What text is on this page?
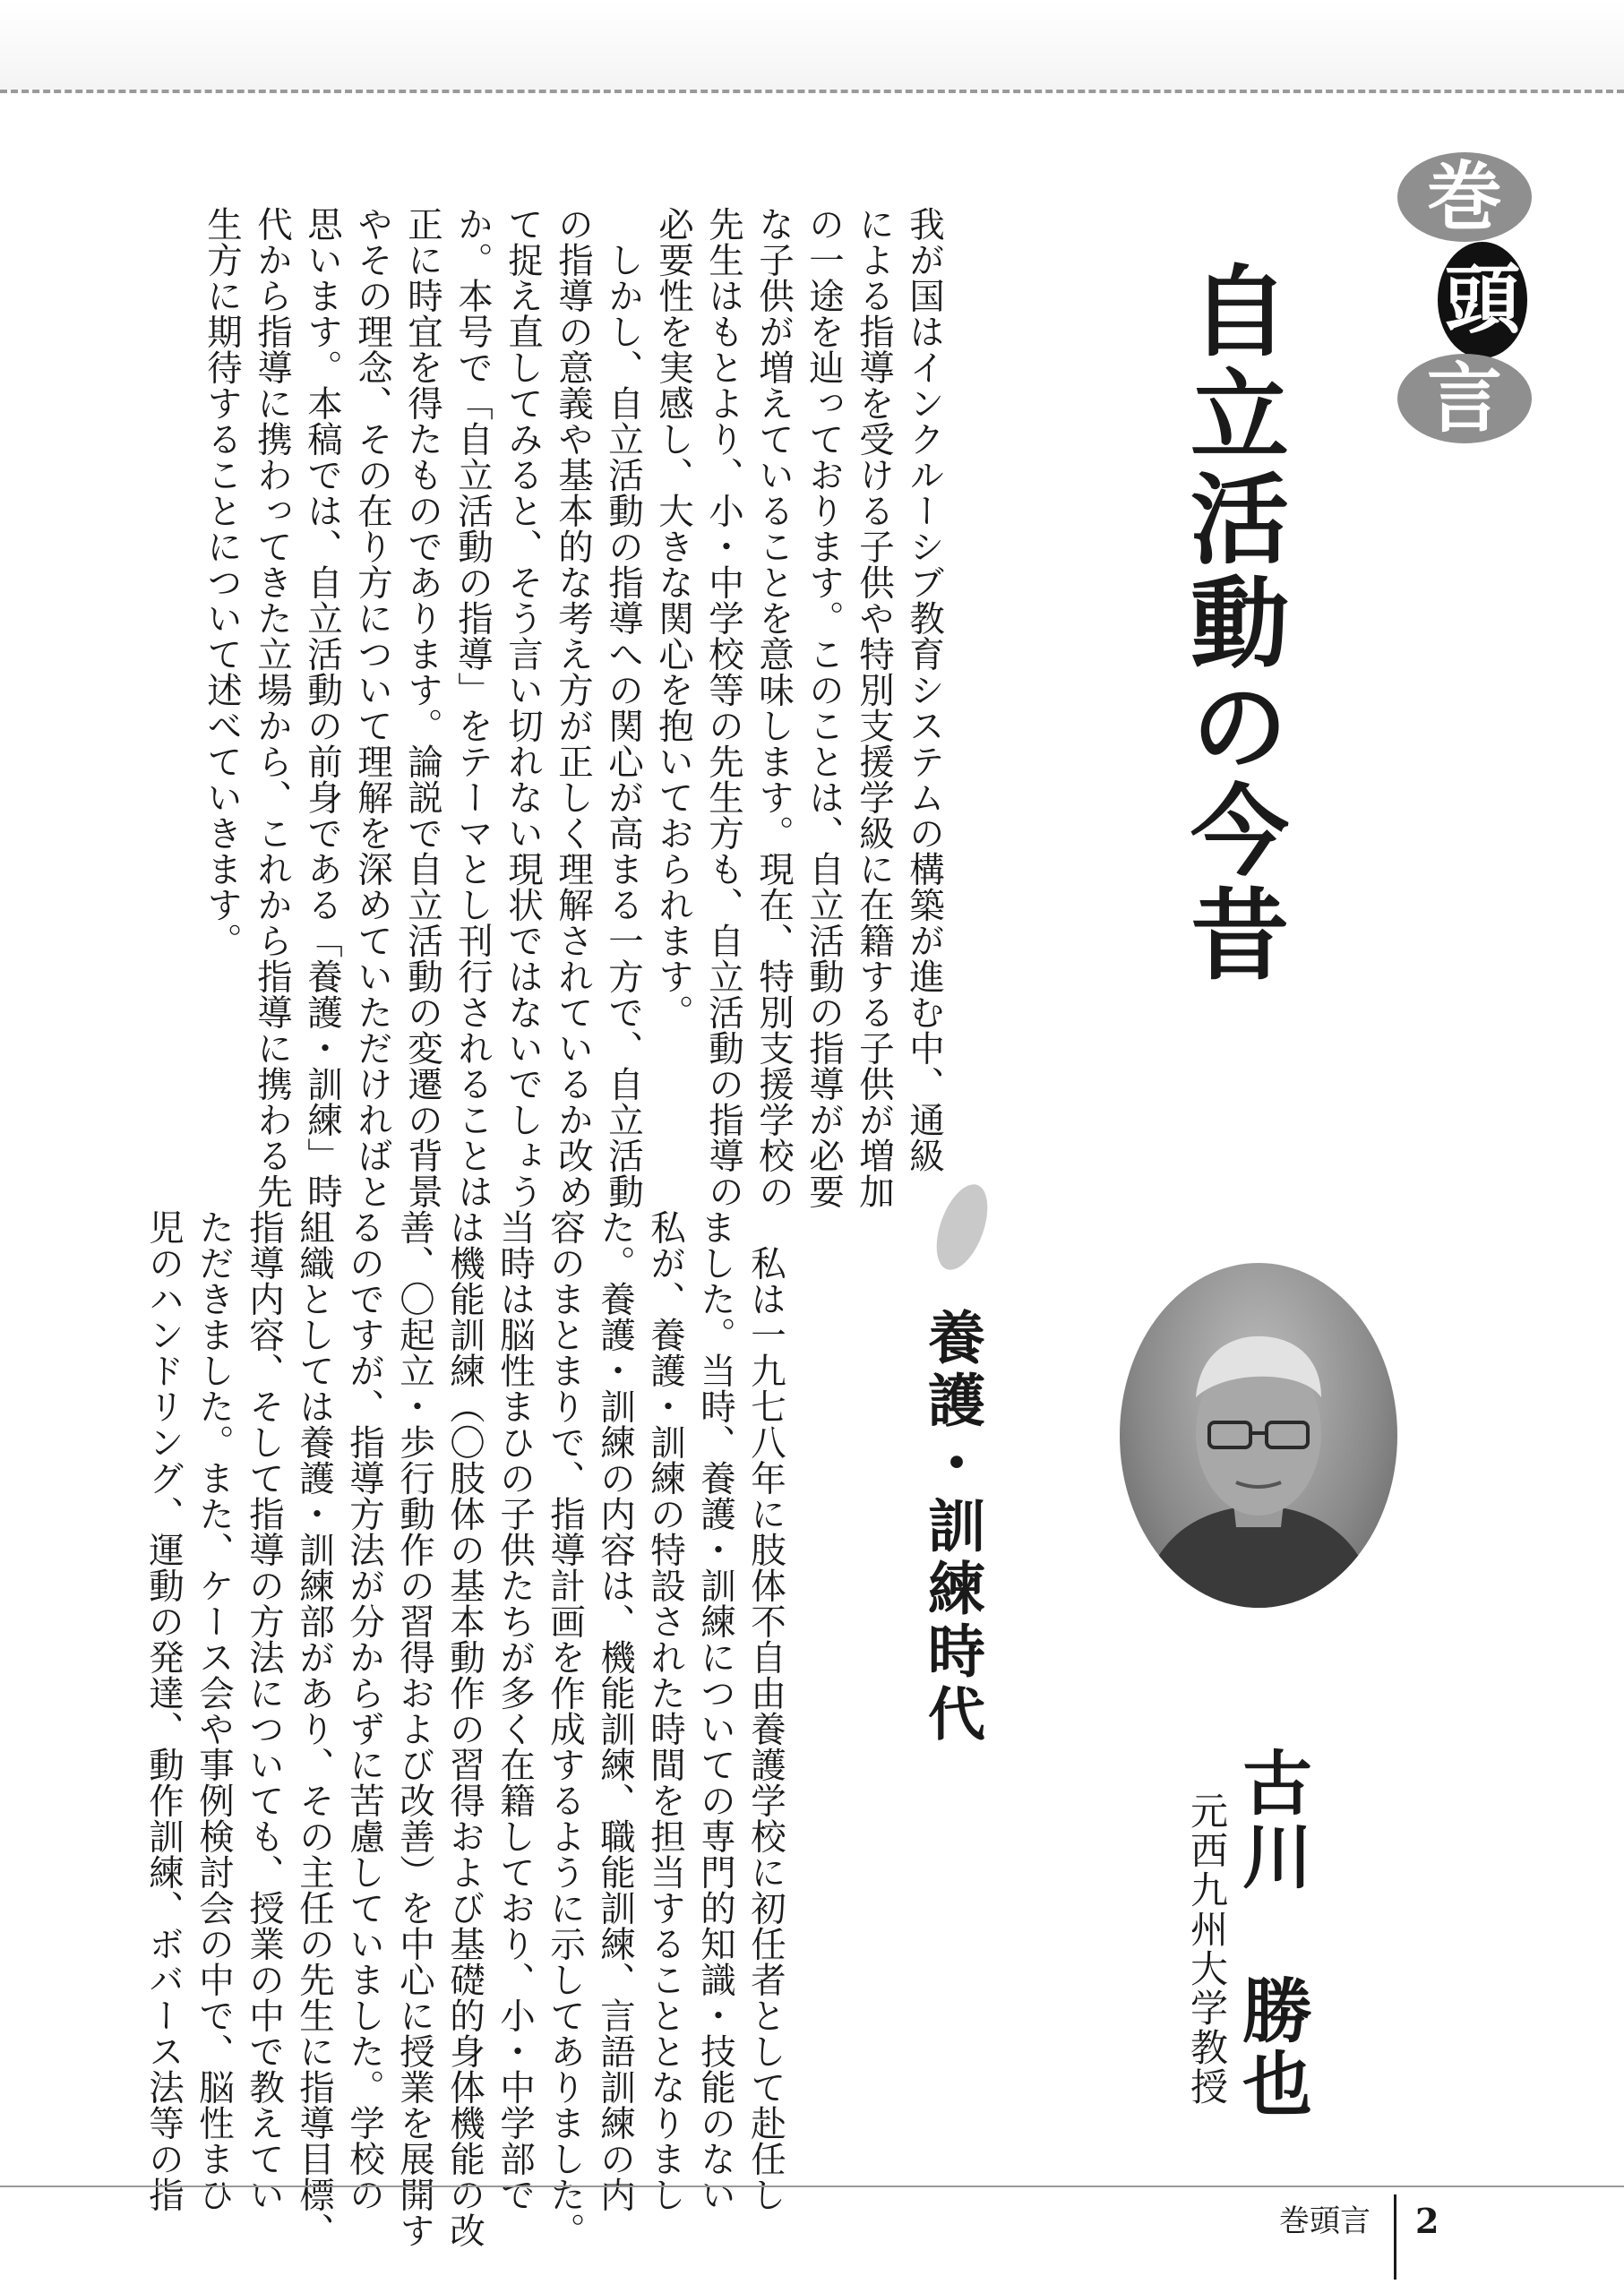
巻
頭
言
自立活動の今昔
我が国はインクルーシブ教育システムの構築が進む中、通級
による指導を受ける子供や特別支援学級に在籍する子供が増加
の一途を辿っております。このことは、自立活動の指導が必要
な子供が増えていることを意味します。現在、特別支援学校の
先生はもとより、小・中学校等の先生方も、自立活動の指導の
必要性を実感し、大きな関心を抱いておられます。
　しかし、自立活動の指導への関心が高まる一方で、自立活動
の指導の意義や基本的な考え方が正しく理解されているか改め
て捉え直してみると、そう言い切れない現状ではないでしょう
か。本号で「自立活動の指導」をテーマとし刊行されることは
正に時宜を得たものであります。論説で自立活動の変遷の背景
やその理念、その在り方について理解を深めていただければと
思います。本稿では、自立活動の前身である「養護・訓練」時
代から指導に携わってきた立場から、これから指導に携わる先
生方に期待することについて述べていきます。
養護・訓練時代
　私は一九七八年に肢体不自由養護学校に初任者として赴任し
ました。当時、養護・訓練についての専門的知識・技能のない
私が、養護・訓練の特設された時間を担当することとなりまし
た。養護・訓練の内容は、機能訓練、職能訓練、言語訓練の内
容のまとまりで、指導計画を作成するように示してありました。
当時は脳性まひの子供たちが多く在籍しており、小・中学部で
は機能訓練（〇肢体の基本動作の習得および基礎的身体機能の改
善、〇起立・歩行動作の習得および改善）を中心に授業を展開す
るのですが、指導方法が分からずに苦慮していました。学校の
組織としては養護・訓練部があり、その主任の先生に指導目標、
指導内容、そして指導の方法についても、授業の中で教えてい
ただきました。また、ケース会や事例検討会の中で、脳性まひ
児のハンドリング、運動の発達、動作訓練、ボバース法等の指	古川勝也
元西九州大学教授
巻頭言 2
